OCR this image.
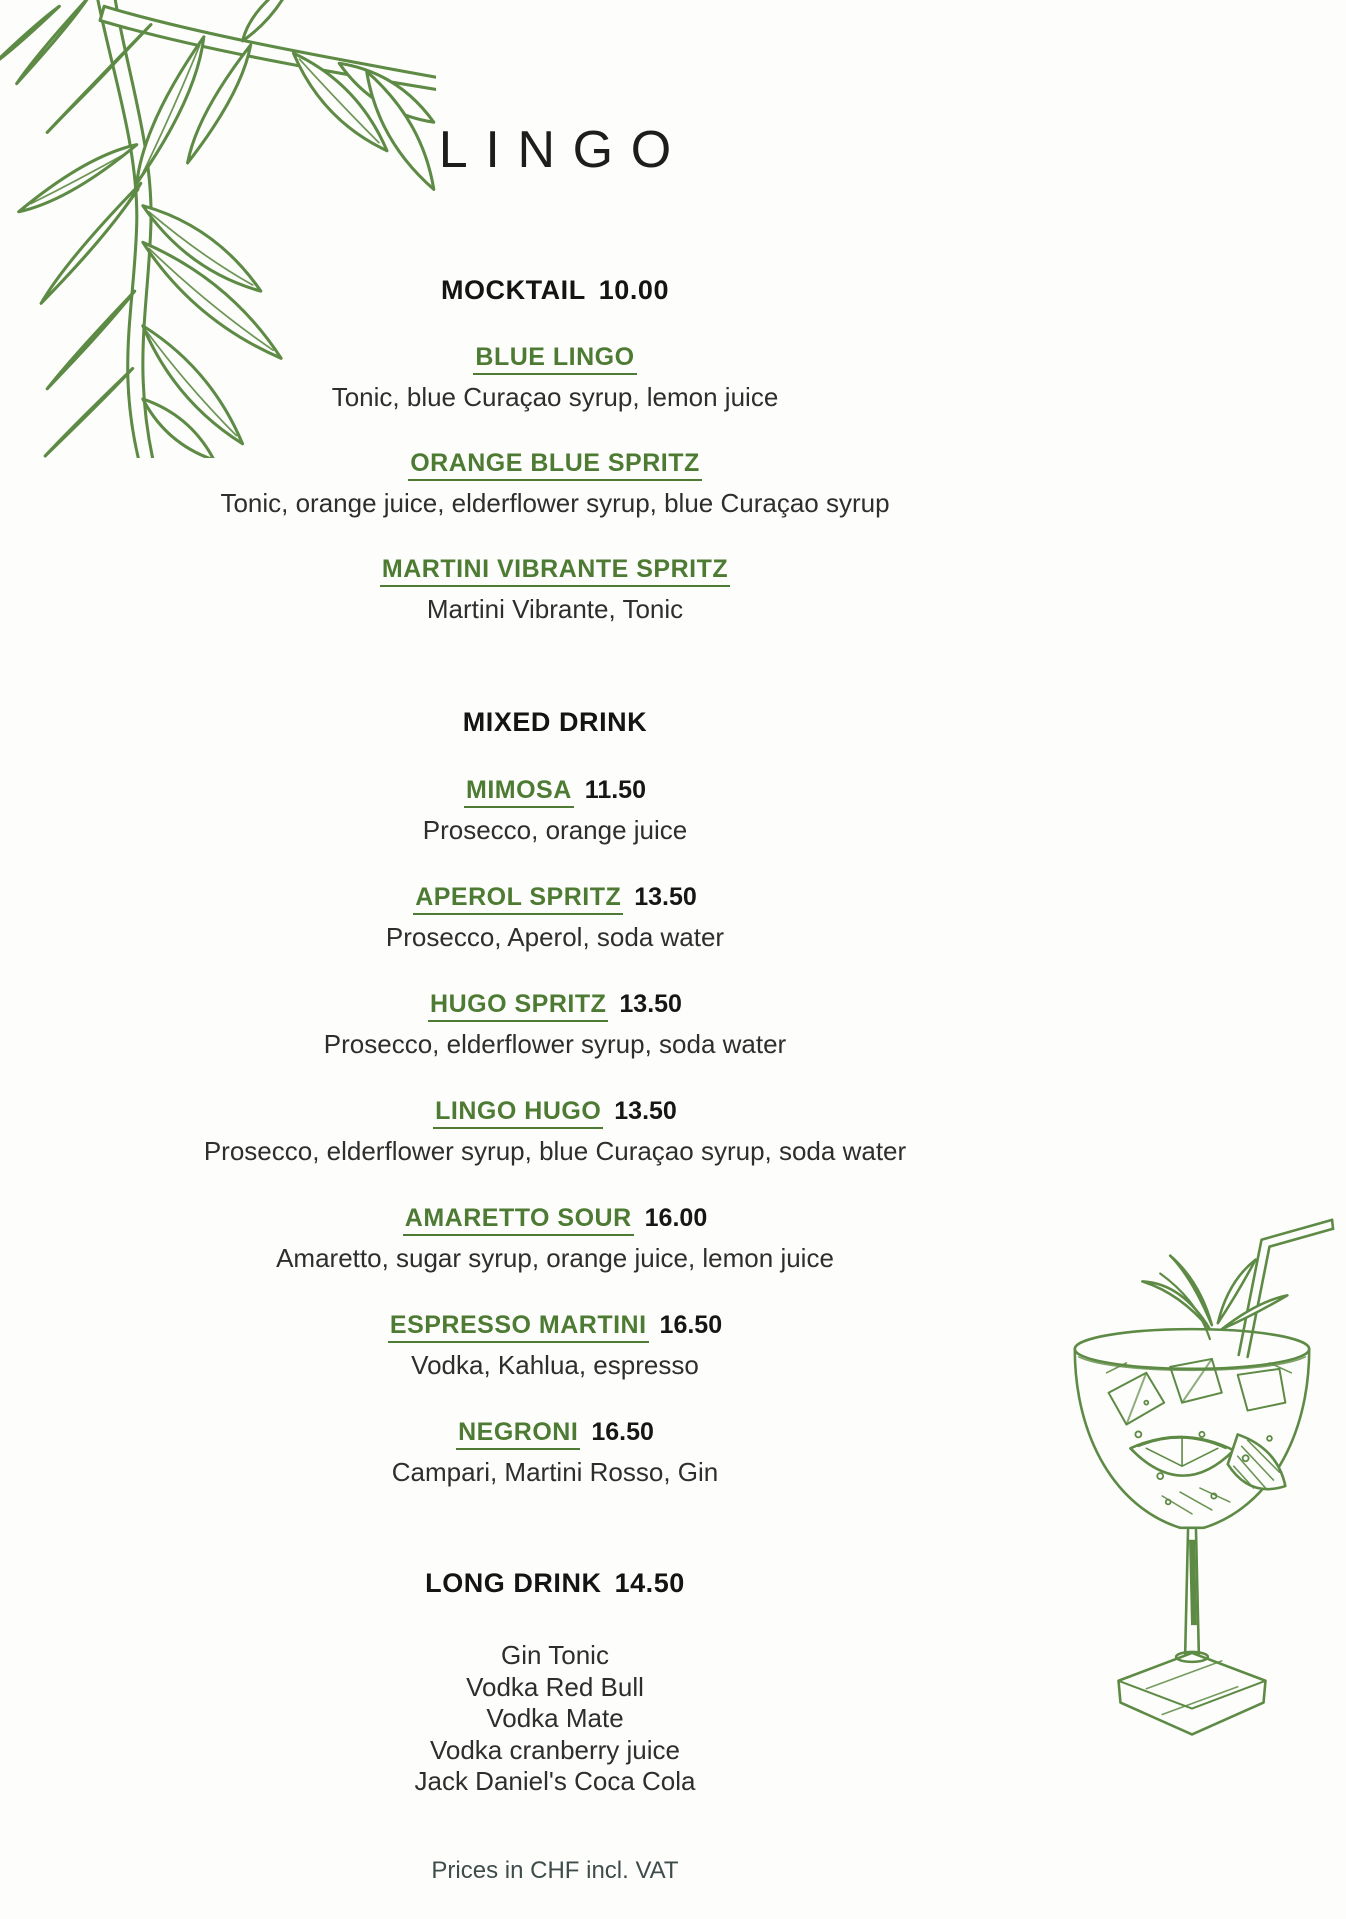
LINGO
MOCKTAIL 10.00
BLUE LINGO
Tonic, blue Curaçao syrup, lemon juice
ORANGE BLUE SPRITZ
Tonic, orange juice, elderflower syrup, blue Curaçao syrup
MARTINI VIBRANTE SPRITZ
Martini Vibrante, Tonic
MIXED DRINK
MIMOSA 11.50
Prosecco, orange juice
APEROL SPRITZ 13.50
Prosecco, Aperol, soda water
HUGO SPRITZ 13.50
Prosecco, elderflower syrup, soda water
LINGO HUGO 13.50
Prosecco, elderflower syrup, blue Curaçao syrup, soda water
AMARETTO SOUR 16.00
Amaretto, sugar syrup, orange juice, lemon juice
ESPRESSO MARTINI 16.50
Vodka, Kahlua, espresso
NEGRONI 16.50
Campari, Martini Rosso, Gin
LONG DRINK 14.50
Gin Tonic
Vodka Red Bull
Vodka Mate
Vodka cranberry juice
Jack Daniel's Coca Cola
Prices in CHF incl. VAT
